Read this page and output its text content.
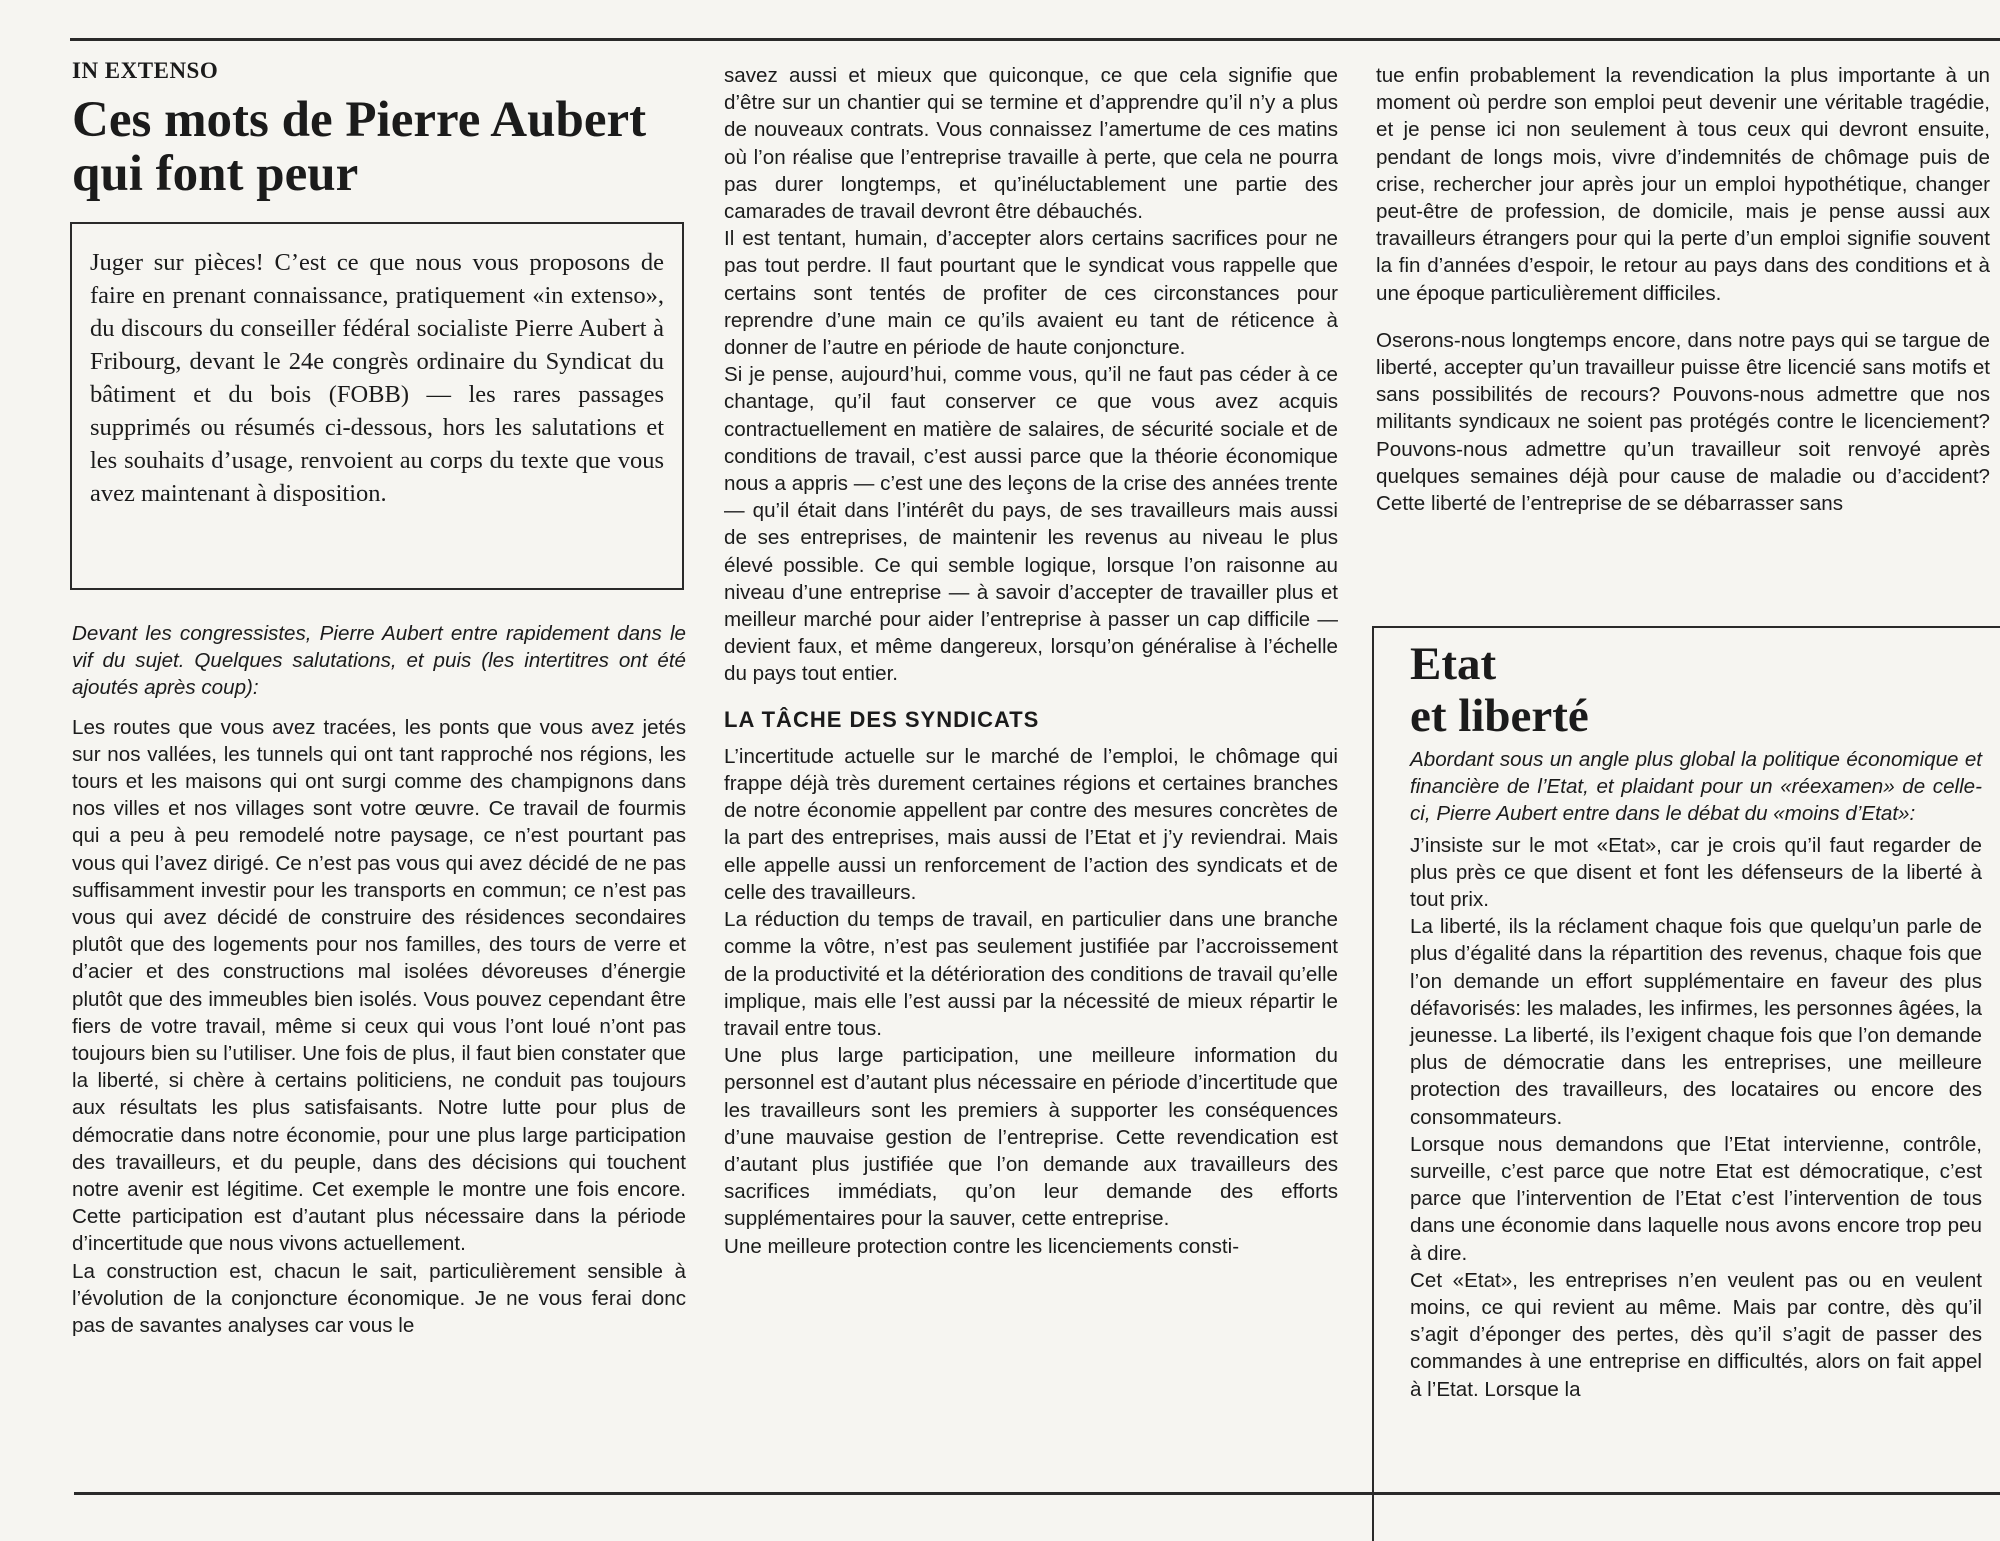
IN EXTENSO
Ces mots de Pierre Aubert
qui font peur
Juger sur pièces! C’est ce que nous vous proposons de faire en prenant connaissance, pratiquement «in extenso», du discours du conseiller fédéral socialiste Pierre Aubert à Fribourg, devant le 24e congrès ordinaire du Syndicat du bâtiment et du bois (FOBB) — les rares passages supprimés ou résumés ci-dessous, hors les salutations et les souhaits d’usage, renvoient au corps du texte que vous avez maintenant à disposition.

Devant les congressistes, Pierre Aubert entre rapidement dans le vif du sujet. Quelques salutations, et puis (les intertitres ont été ajoutés après coup):

Les routes que vous avez tracées, les ponts que vous avez jetés sur nos vallées, les tunnels qui ont tant rapproché nos régions, les tours et les maisons qui ont surgi comme des champignons dans nos villes et nos villages sont votre œuvre. Ce travail de fourmis qui a peu à peu remodelé notre paysage, ce n’est pourtant pas vous qui l’avez dirigé. Ce n’est pas vous qui avez décidé de ne pas suffisamment investir pour les transports en commun; ce n’est pas vous qui avez décidé de construire des résidences secondaires plutôt que des logements pour nos familles, des tours de verre et d’acier et des constructions mal isolées dévoreuses d’énergie plutôt que des immeubles bien isolés. Vous pouvez cependant être fiers de votre travail, même si ceux qui vous l’ont loué n’ont pas toujours bien su l’utiliser. Une fois de plus, il faut bien constater que la liberté, si chère à certains politiciens, ne conduit pas toujours aux résultats les plus satisfaisants. Notre lutte pour plus de démocratie dans notre économie, pour une plus large participation des travailleurs, et du peuple, dans des décisions qui touchent notre avenir est légitime. Cet exemple le montre une fois encore. Cette participation est d’autant plus nécessaire dans la période d’incertitude que nous vivons actuellement.

La construction est, chacun le sait, particulièrement sensible à l’évolution de la conjoncture économique. Je ne vous ferai donc pas de savantes analyses car vous le

savez aussi et mieux que quiconque, ce que cela signifie que d’être sur un chantier qui se termine et d’apprendre qu’il n’y a plus de nouveaux contrats. Vous connaissez l’amertume de ces matins où l’on réalise que l’entreprise travaille à perte, que cela ne pourra pas durer longtemps, et qu’inéluctablement une partie des camarades de travail devront être débauchés.

Il est tentant, humain, d’accepter alors certains sacrifices pour ne pas tout perdre. Il faut pourtant que le syndicat vous rappelle que certains sont tentés de profiter de ces circonstances pour reprendre d’une main ce qu’ils avaient eu tant de réticence à donner de l’autre en période de haute conjoncture.

Si je pense, aujourd’hui, comme vous, qu’il ne faut pas céder à ce chantage, qu’il faut conserver ce que vous avez acquis contractuellement en matière de salaires, de sécurité sociale et de conditions de travail, c’est aussi parce que la théorie économique nous a appris — c’est une des leçons de la crise des années trente — qu’il était dans l’intérêt du pays, de ses travailleurs mais aussi de ses entreprises, de maintenir les revenus au niveau le plus élevé possible. Ce qui semble logique, lorsque l’on raisonne au niveau d’une entreprise — à savoir d’accepter de travailler plus et meilleur marché pour aider l’entreprise à passer un cap difficile — devient faux, et même dangereux, lorsqu’on généralise à l’échelle du pays tout entier.

LA TÂCHE DES SYNDICATS

L’incertitude actuelle sur le marché de l’emploi, le chômage qui frappe déjà très durement certaines régions et certaines branches de notre économie appellent par contre des mesures concrètes de la part des entreprises, mais aussi de l’Etat et j’y reviendrai. Mais elle appelle aussi un renforcement de l’action des syndicats et de celle des travailleurs.

La réduction du temps de travail, en particulier dans une branche comme la vôtre, n’est pas seulement justifiée par l’accroissement de la productivité et la détérioration des conditions de travail qu’elle implique, mais elle l’est aussi par la nécessité de mieux répartir le travail entre tous.

Une plus large participation, une meilleure information du personnel est d’autant plus nécessaire en période d’incertitude que les travailleurs sont les premiers à supporter les conséquences d’une mauvaise gestion de l’entreprise. Cette revendication est d’autant plus justifiée que l’on demande aux travailleurs des sacrifices immédiats, qu’on leur demande des efforts supplémentaires pour la sauver, cette entreprise.

Une meilleure protection contre les licenciements consti-

tue enfin probablement la revendication la plus importante à un moment où perdre son emploi peut devenir une véritable tragédie, et je pense ici non seulement à tous ceux qui devront ensuite, pendant de longs mois, vivre d’indemnités de chômage puis de crise, rechercher jour après jour un emploi hypothétique, changer peut-être de profession, de domicile, mais je pense aussi aux travailleurs étrangers pour qui la perte d’un emploi signifie souvent la fin d’années d’espoir, le retour au pays dans des conditions et à une époque particulièrement difficiles.

Oserons-nous longtemps encore, dans notre pays qui se targue de liberté, accepter qu’un travailleur puisse être licencié sans motifs et sans possibilités de recours? Pouvons-nous admettre que nos militants syndicaux ne soient pas protégés contre le licenciement? Pouvons-nous admettre qu’un travailleur soit renvoyé après quelques semaines déjà pour cause de maladie ou d’accident? Cette liberté de l’entreprise de se débarrasser sans

Abordant sous un angle plus global la politique économique et financière de l’Etat, et plaidant pour un «réexamen» de celle-ci, Pierre Aubert entre dans le débat du «moins d’Etat»:

J’insiste sur le mot «Etat», car je crois qu’il faut regarder de plus près ce que disent et font les défenseurs de la liberté à tout prix.

La liberté, ils la réclament chaque fois que quelqu’un parle de plus d’égalité dans la répartition des revenus, chaque fois que l’on demande un effort supplémentaire en faveur des plus défavorisés: les malades, les infirmes, les personnes âgées, la jeunesse. La liberté, ils l’exigent chaque fois que l’on demande plus de démocratie dans les entreprises, une meilleure protection des travailleurs, des locataires ou encore des consommateurs.

Lorsque nous demandons que l’Etat intervienne, contrôle, surveille, c’est parce que notre Etat est démocratique, c’est parce que l’intervention de l’Etat c’est l’intervention de tous dans une économie dans laquelle nous avons encore trop peu à dire.

Cet «Etat», les entreprises n’en veulent pas ou en veulent moins, ce qui revient au même. Mais par contre, dès qu’il s’agit d’éponger des pertes, dès qu’il s’agit de passer des commandes à une entreprise en difficultés, alors on fait appel à l’Etat. Lorsque la

Etat
et liberté
